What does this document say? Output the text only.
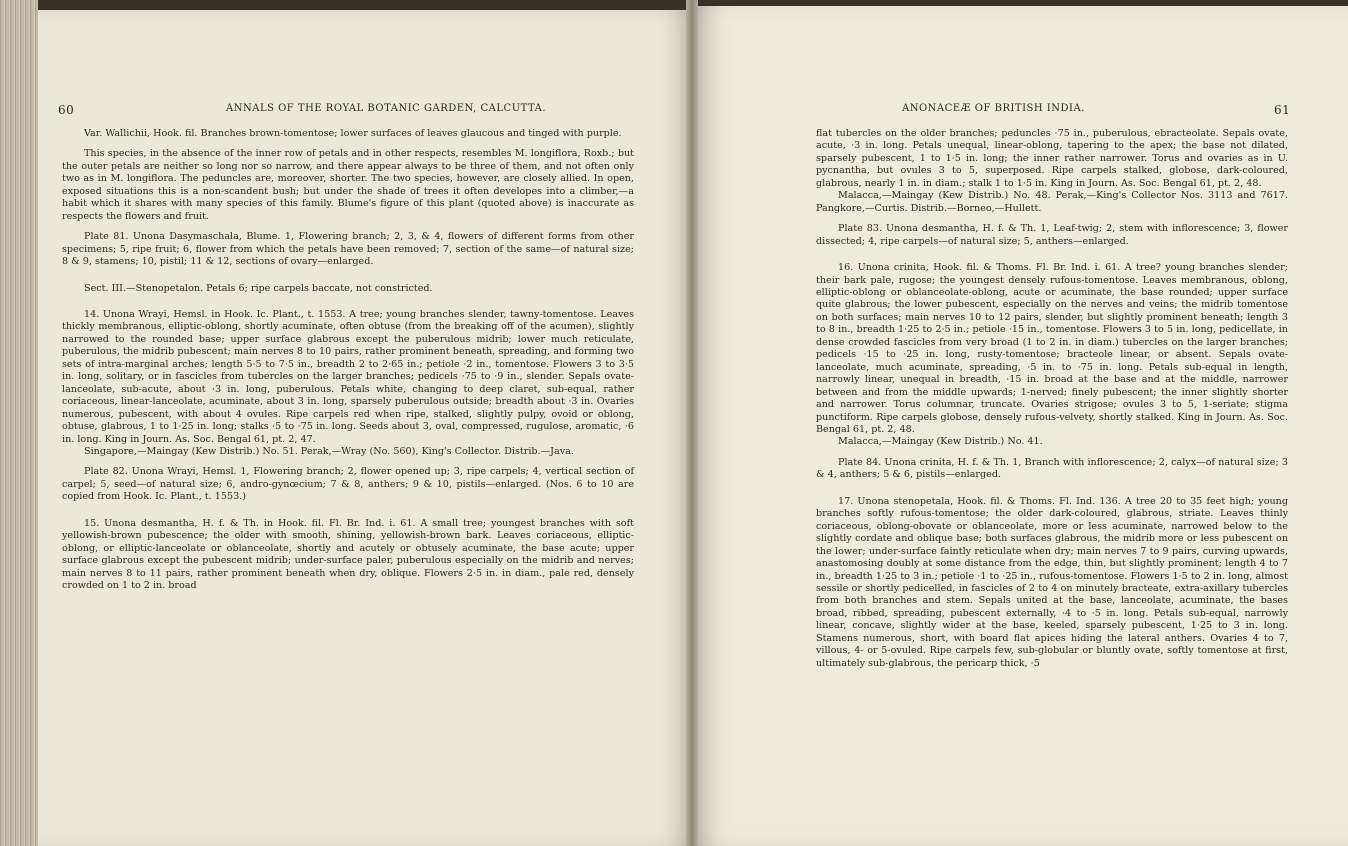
60	ANNALS OF THE ROYAL BOTANIC GARDEN, CALCUTTA.	ANONACEÆ OF BRITISH INDIA.	61

Var. Wallichii, Hook. fil. Branches brown-tomentose; lower surfaces of leaves glaucous and tinged with purple.

This species, in the absence of the inner row of petals and in other respects, resembles M. longiflora, Roxb.; but the outer petals are neither so long nor so narrow, and there appear always to be three of them, and not often only two as in M. longiflora. The peduncles are, moreover, shorter. The two species, however, are closely allied. In open, exposed situations this is a non-scandent bush; but under the shade of trees it often developes into a climber,—a habit which it shares with many species of this family. Blume's figure of this plant (quoted above) is inaccurate as respects the flowers and fruit.

Plate 81. Unona Dasymaschala, Blume. 1, Flowering branch; 2, 3, & 4, flowers of different forms from other specimens; 5, ripe fruit; 6, flower from which the petals have been removed; 7, section of the same—of natural size; 8 & 9, stamens; 10, pistil; 11 & 12, sections of ovary—enlarged.

Sect. III.—Stenopetalon. Petals 6; ripe carpels baccate, not constricted.

14. Unona Wrayi, Hemsl. in Hook. Ic. Plant., t. 1553. A tree; young branches slender, tawny-tomentose. Leaves thickly membranous, elliptic-oblong, shortly acuminate, often obtuse (from the breaking off of the acumen), slightly narrowed to the rounded base; upper surface glabrous except the puberulous midrib; lower much reticulate, puberulous, the midrib pubescent; main nerves 8 to 10 pairs, rather prominent beneath, spreading, and forming two sets of intra-marginal arches; length 5·5 to 7·5 in., breadth 2 to 2·65 in.; petiole ·2 in., tomentose. Flowers 3 to 3·5 in. long, solitary, or in fascicles from tubercles on the larger branches; pedicels ·75 to ·9 in., slender. Sepals ovate-lanceolate, sub-acute, about ·3 in. long, puberulous. Petals white, changing to deep claret, sub-equal, rather coriaceous, linear-lanceolate, acuminate, about 3 in. long, sparsely puberulous outside; breadth about ·3 in. Ovaries numerous, pubescent, with about 4 ovules. Ripe carpels red when ripe, stalked, slightly pulpy, ovoid or oblong, obtuse, glabrous, 1 to 1·25 in. long; stalks ·5 to ·75 in. long. Seeds about 3, oval, compressed, rugulose, aromatic, ·6 in. long. King in Journ. As. Soc. Bengal 61, pt. 2, 47.

Singapore,—Maingay (Kew Distrib.) No. 51. Perak,—Wray (No. 560), King's Collector. Distrib.—Java.

Plate 82. Unona Wrayi, Hemsl. 1, Flowering branch; 2, flower opened up; 3, ripe carpels; 4, vertical section of carpel; 5, seed—of natural size; 6, andro-gynœcium; 7 & 8, anthers; 9 & 10, pistils—enlarged. (Nos. 6 to 10 are copied from Hook. Ic. Plant., t. 1553.)

15. Unona desmantha, H. f. & Th. in Hook. fil. Fl. Br. Ind. i. 61. A small tree; youngest branches with soft yellowish-brown pubescence; the older with smooth, shining, yellowish-brown bark. Leaves coriaceous, elliptic-oblong, or elliptic-lanceolate or oblanceolate, shortly and acutely or obtusely acuminate, the base acute; upper surface glabrous except the pubescent midrib; under-surface paler, puberulous especially on the midrib and nerves; main nerves 8 to 11 pairs, rather prominent beneath when dry, oblique. Flowers 2·5 in. in diam., pale red, densely crowded on 1 to 2 in. broad

flat tubercles on the older branches; peduncles ·75 in., puberulous, ebracteolate. Sepals ovate, acute, ·3 in. long. Petals unequal, linear-oblong, tapering to the apex; the base not dilated, sparsely pubescent, 1 to 1·5 in. long; the inner rather narrower. Torus and ovaries as in U. pycnantha, but ovules 3 to 5, superposed. Ripe carpels stalked, globose, dark-coloured, glabrous, nearly 1 in. in diam.; stalk 1 to 1·5 in. King in Journ. As. Soc. Bengal 61, pt. 2, 48.

Malacca,—Maingay (Kew Distrib.) No. 48. Perak,—King's Collector Nos. 3113 and 7617. Pangkore,—Curtis. Distrib.—Borneo,—Hullett.

Plate 83. Unona desmantha, H. f. & Th. 1, Leaf-twig; 2, stem with inflorescence; 3, flower dissected; 4, ripe carpels—of natural size; 5, anthers—enlarged.

16. Unona crinita, Hook. fil. & Thoms. Fl. Br. Ind. i. 61. A tree? young branches slender; their bark pale, rugose; the youngest densely rufous-tomentose. Leaves membranous, oblong, elliptic-oblong or oblanceolate-oblong, acute or acuminate, the base rounded; upper surface quite glabrous; the lower pubescent, especially on the nerves and veins; the midrib tomentose on both surfaces; main nerves 10 to 12 pairs, slender, but slightly prominent beneath; length 3 to 8 in., breadth 1·25 to 2·5 in.; petiole ·15 in., tomentose. Flowers 3 to 5 in. long, pedicellate, in dense crowded fascicles from very broad (1 to 2 in. in diam.) tubercles on the larger branches; pedicels ·15 to ·25 in. long, rusty-tomentose; bracteole linear, or absent. Sepals ovate-lanceolate, much acuminate, spreading, ·5 in. to ·75 in. long. Petals sub-equal in length, narrowly linear, unequal in breadth, ·15 in. broad at the base and at the middle, narrower between and from the middle upwards; 1-nerved; finely pubescent; the inner slightly shorter and narrower. Torus columnar, truncate. Ovaries strigose; ovules 3 to 5, 1-seriate; stigma punctiform. Ripe carpels globose, densely rufous-velvety, shortly stalked. King in Journ. As. Soc. Bengal 61, pt. 2, 48.

Malacca,—Maingay (Kew Distrib.) No. 41.

Plate 84. Unona crinita, H. f. & Th. 1, Branch with inflorescence; 2, calyx—of natural size; 3 & 4, anthers; 5 & 6, pistils—enlarged.

17. Unona stenopetala, Hook. fil. & Thoms. Fl. Ind. 136. A tree 20 to 35 feet high; young branches softly rufous-tomentose; the older dark-coloured, glabrous, striate. Leaves thinly coriaceous, oblong-obovate or oblanceolate, more or less acuminate, narrowed below to the slightly cordate and oblique base; both surfaces glabrous, the midrib more or less pubescent on the lower; under-surface faintly reticulate when dry; main nerves 7 to 9 pairs, curving upwards, anastomosing doubly at some distance from the edge, thin, but slightly prominent; length 4 to 7 in., breadth 1·25 to 3 in.; petiole ·1 to ·25 in., rufous-tomentose. Flowers 1·5 to 2 in. long, almost sessile or shortly pedicelled, in fascicles of 2 to 4 on minutely bracteate, extra-axillary tubercles from both branches and stem. Sepals united at the base, lanceolate, acuminate, the bases broad, ribbed, spreading, pubescent externally, ·4 to ·5 in. long. Petals sub-equal, narrowly linear, concave, slightly wider at the base, keeled, sparsely pubescent, 1·25 to 3 in. long. Stamens numerous, short, with board flat apices hiding the lateral anthers. Ovaries 4 to 7, villous, 4- or 5-ovuled. Ripe carpels few, sub-globular or bluntly ovate, softly tomentose at first, ultimately sub-glabrous, the pericarp thick, ·5
